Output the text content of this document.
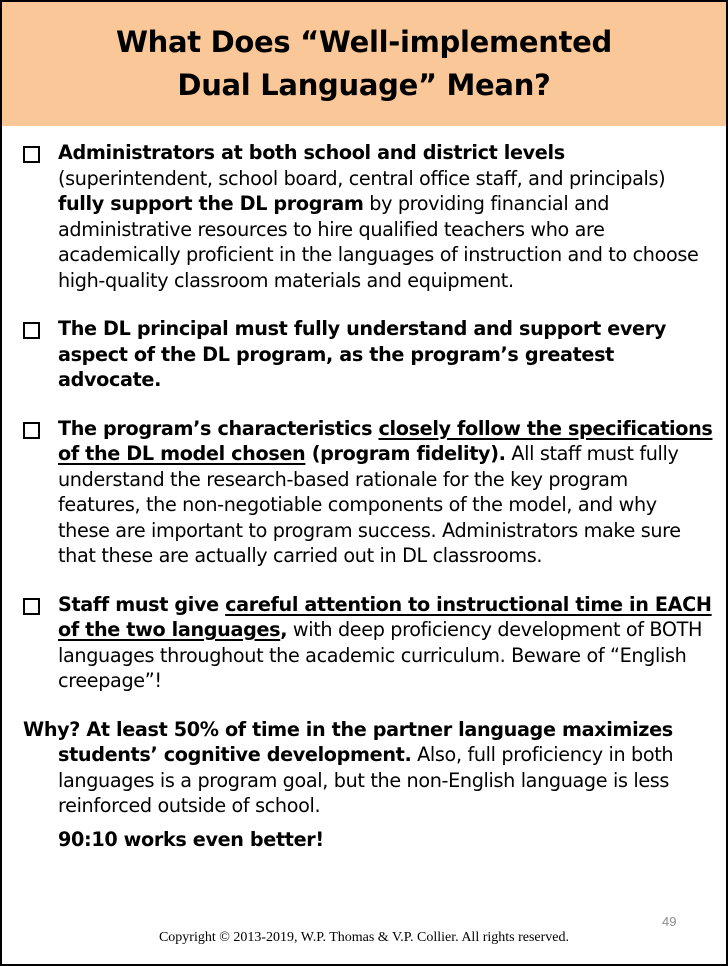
What Does “Well-implemented
Dual Language” Mean?
Administrators at both school and district levels (superintendent, school board, central office staff, and principals) fully support the DL program by providing financial and administrative resources to hire qualified teachers who are academically proficient in the languages of instruction and to choose high-quality classroom materials and equipment.
The DL principal must fully understand and support every aspect of the DL program, as the program’s greatest advocate.
The program’s characteristics closely follow the specifications of the DL model chosen (program fidelity). All staff must fully understand the research-based rationale for the key program features, the non-negotiable components of the model, and why these are important to program success. Administrators make sure that these are actually carried out in DL classrooms.
Staff must give careful attention to instructional time in EACH of the two languages, with deep proficiency development of BOTH languages throughout the academic curriculum. Beware of “English creepage”!
Why? At least 50% of time in the partner language maximizes students’ cognitive development. Also, full proficiency in both languages is a program goal, but the non-English language is less reinforced outside of school.
90:10 works even better!
49
Copyright © 2013-2019, W.P. Thomas & V.P. Collier. All rights reserved.
